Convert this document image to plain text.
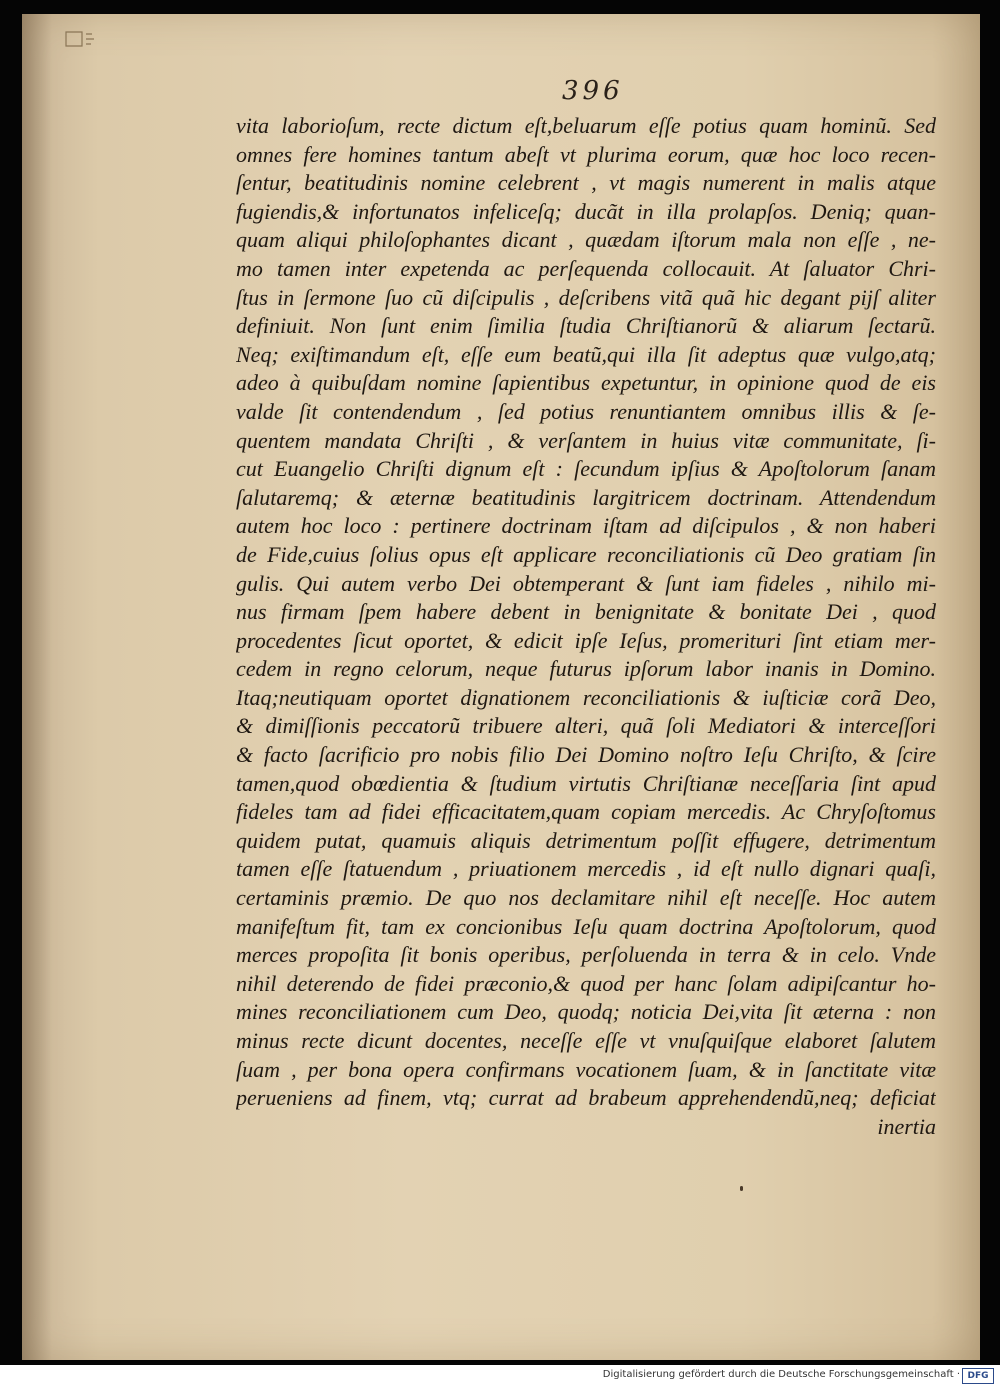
396
vita laborioſum, recte dictum eſt,beluarum eſſe potius quam hominũ. Sed
omnes fere homines tantum abeſt vt plurima eorum, quæ hoc loco recen-
ſentur, beatitudinis nomine celebrent , vt magis numerent in malis atque
fugiendis,& infortunatos infeliceſq; ducãt in illa prolapſos. Deniq; quan-
quam aliqui philoſophantes dicant , quædam iſtorum mala non eſſe , ne-
mo tamen inter expetenda ac perſequenda collocauit. At ſaluator Chri-
ſtus in ſermone ſuo cũ diſcipulis , deſcribens vitã quã hic degant pijſ aliter
definiuit. Non ſunt enim ſimilia ſtudia Chriſtianorũ & aliarum ſectarũ.
Neq; exiſtimandum eſt, eſſe eum beatũ,qui illa ſit adeptus quæ vulgo,atq;
adeo à quibuſdam nomine ſapientibus expetuntur, in opinione quod de eis
valde ſit contendendum , ſed potius renuntiantem omnibus illis & ſe-
quentem mandata Chriſti , & verſantem in huius vitæ communitate, ſi-
cut Euangelio Chriſti dignum eſt : ſecundum ipſius & Apoſtolorum ſanam
ſalutaremq; & æternæ beatitudinis largitricem doctrinam. Attendendum
autem hoc loco : pertinere doctrinam iſtam ad diſcipulos , & non haberi
de Fide,cuius ſolius opus eſt applicare reconciliationis cũ Deo gratiam ſin
gulis. Qui autem verbo Dei obtemperant & ſunt iam fideles , nihilo mi-
nus firmam ſpem habere debent in benignitate & bonitate Dei , quod
procedentes ſicut oportet, & edicit ipſe Ieſus, promerituri ſint etiam mer-
cedem in regno celorum, neque futurus ipſorum labor inanis in Domino.
Itaq;neutiquam oportet dignationem reconciliationis & iuſticiæ corã Deo,
& dimiſſionis peccatorũ tribuere alteri, quã ſoli Mediatori & interceſſori
& facto ſacrificio pro nobis filio Dei Domino noſtro Ieſu Chriſto, & ſcire
tamen,quod obœdientia & ſtudium virtutis Chriſtianæ neceſſaria ſint apud
fideles tam ad fidei efficacitatem,quam copiam mercedis. Ac Chryſoſtomus
quidem putat, quamuis aliquis detrimentum poſſit effugere, detrimentum
tamen eſſe ſtatuendum , priuationem mercedis , id eſt nullo dignari quaſi,
certaminis præmio. De quo nos declamitare nihil eſt neceſſe. Hoc autem
manifeſtum fit, tam ex concionibus Ieſu quam doctrina Apoſtolorum, quod
merces propoſita ſit bonis operibus, perſoluenda in terra & in celo. Vnde
nihil deterendo de fidei præconio,& quod per hanc ſolam adipiſcantur ho-
mines reconciliationem cum Deo, quodq; noticia Dei,vita ſit æterna : non
minus recte dicunt docentes, neceſſe eſſe vt vnuſquiſque elaboret ſalutem
ſuam , per bona opera confirmans vocationem ſuam, & in ſanctitate vitæ
perueniens ad finem, vtq; currat ad brabeum apprehendendũ,neq; deficiat
inertia
Digitalisierung gefördert durch die Deutsche Forschungsgemeinschaft · DFG
